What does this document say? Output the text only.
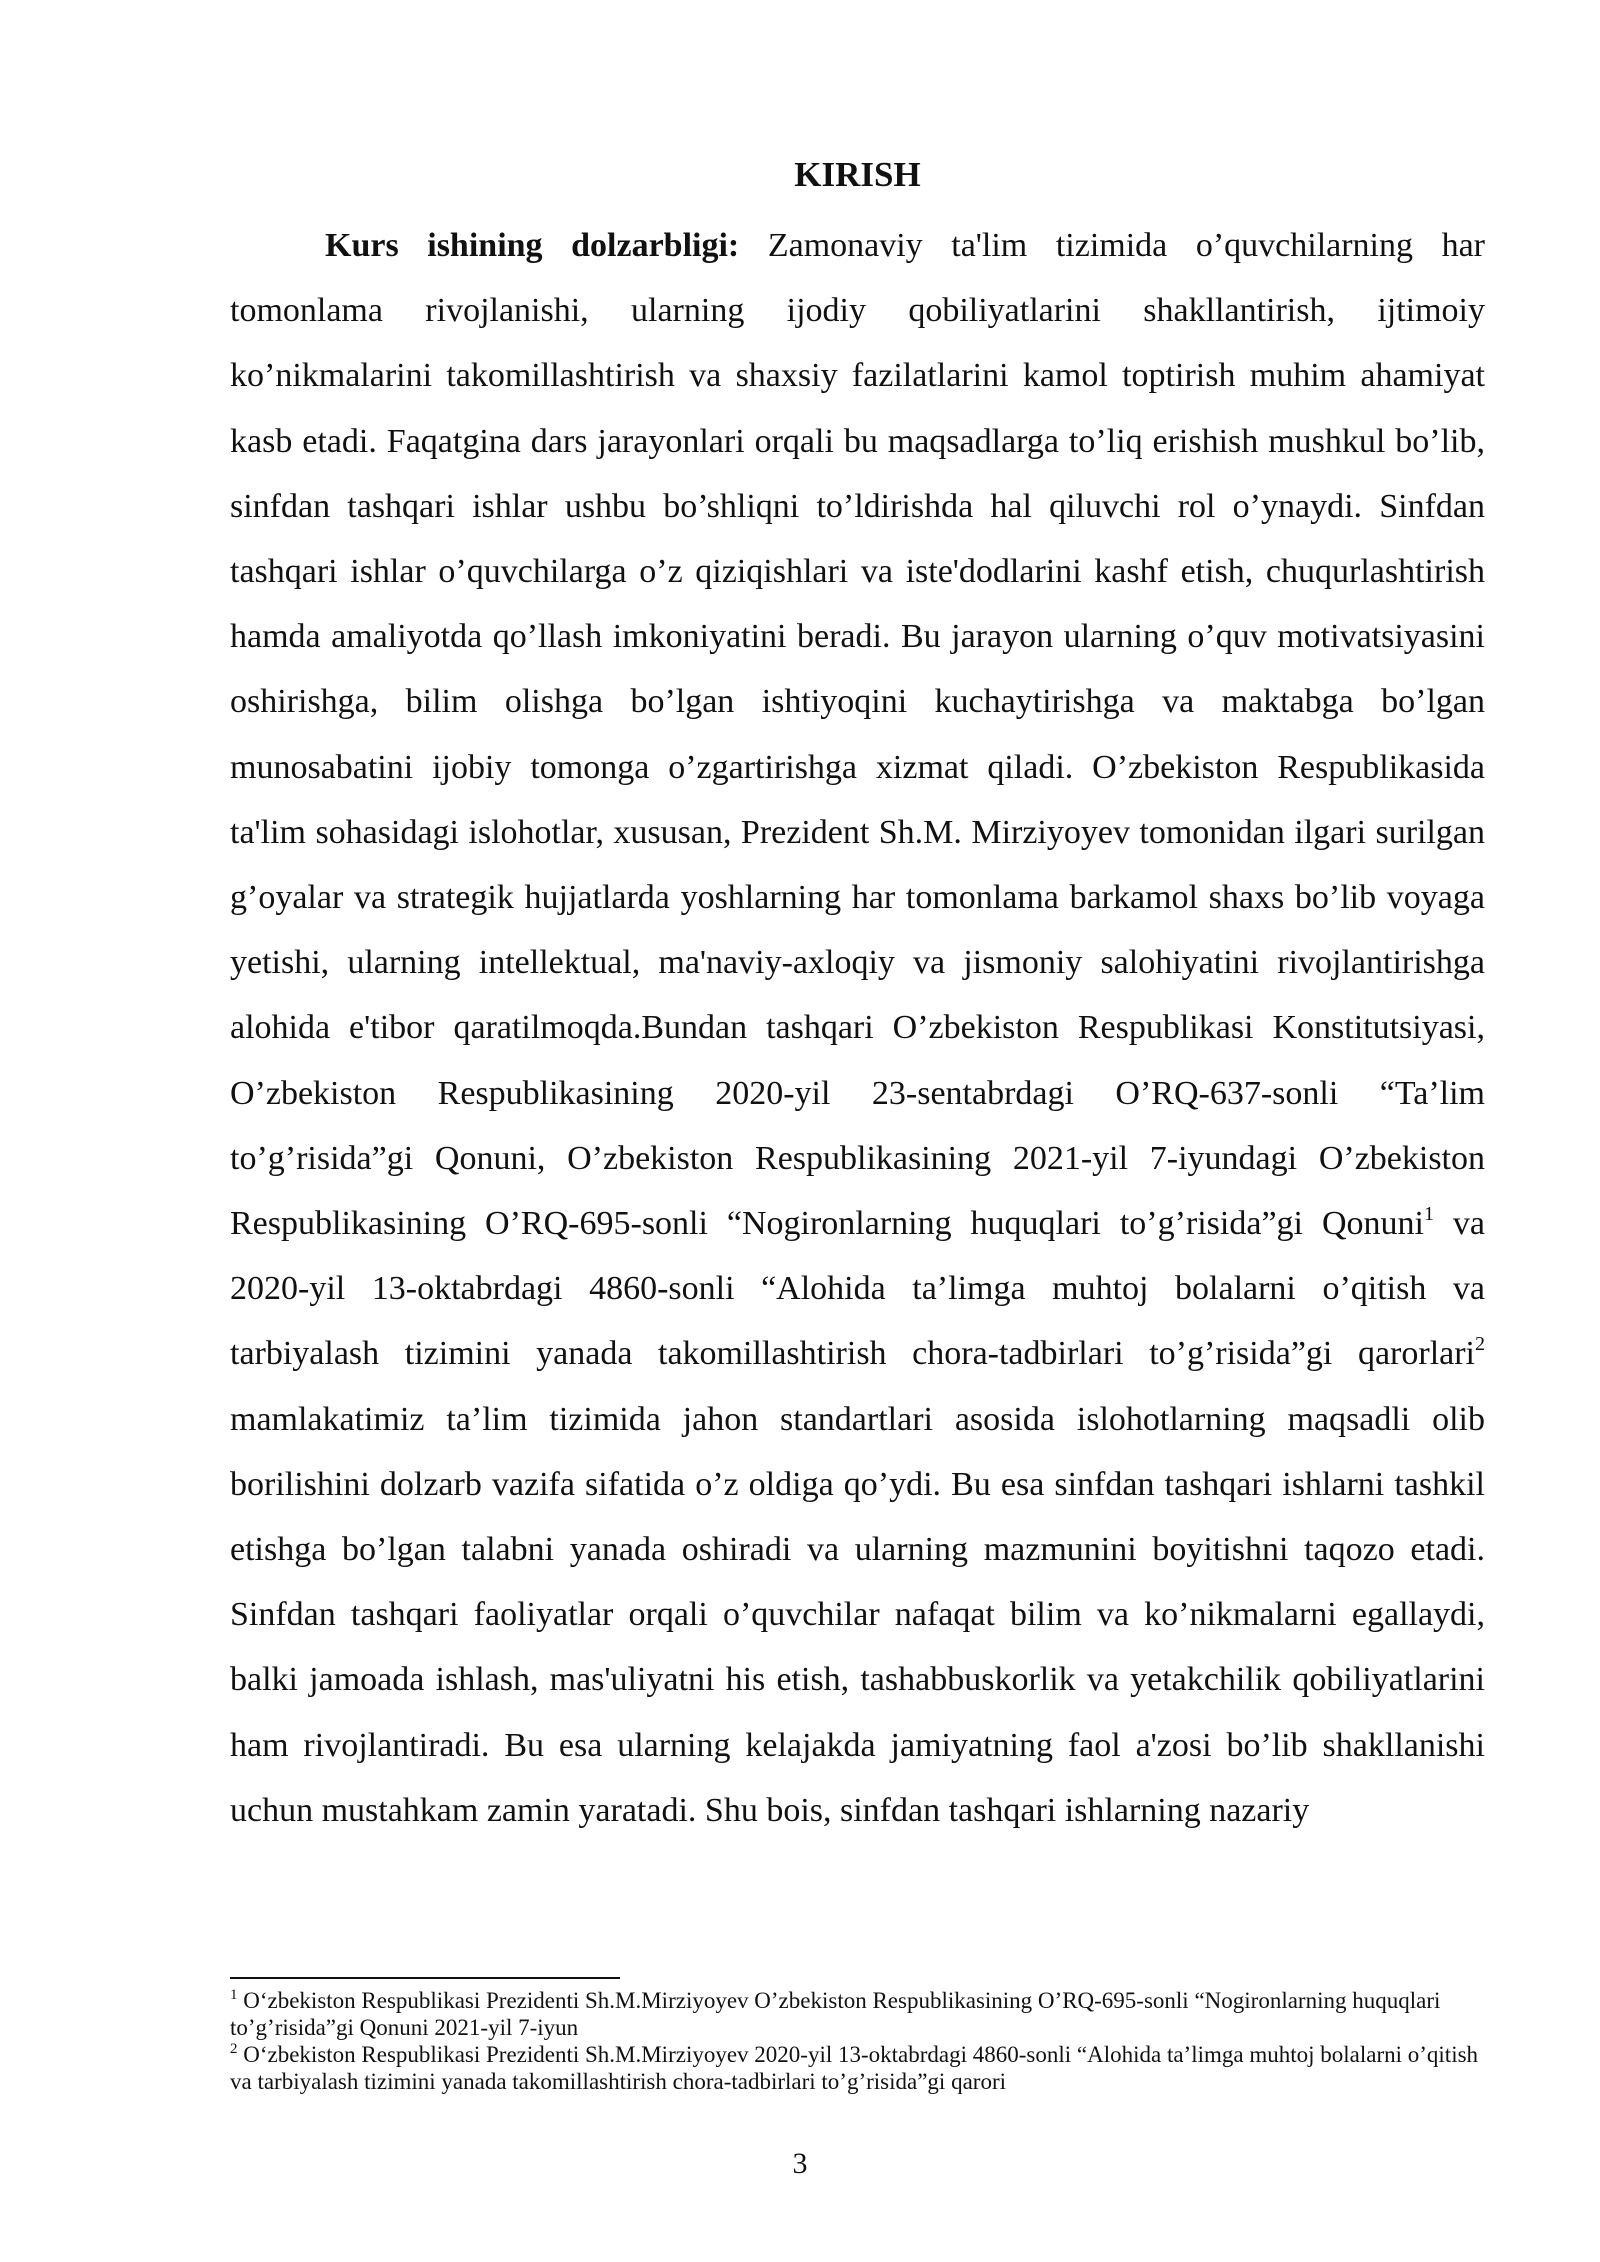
KIRISH

Kurs ishining dolzarbligi: Zamonaviy ta'lim tizimida o’quvchilarning har tomonlama rivojlanishi, ularning ijodiy qobiliyatlarini shakllantirish, ijtimoiy ko’nikmalarini takomillashtirish va shaxsiy fazilatlarini kamol toptirish muhim ahamiyat kasb etadi. Faqatgina dars jarayonlari orqali bu maqsadlarga to’liq erishish mushkul bo’lib, sinfdan tashqari ishlar ushbu bo’shliqni to’ldirishda hal qiluvchi rol o’ynaydi. Sinfdan tashqari ishlar o’quvchilarga o’z qiziqishlari va iste'dodlarini kashf etish, chuqurlashtirish hamda amaliyotda qo’llash imkoniyatini beradi. Bu jarayon ularning o’quv motivatsiyasini oshirishga, bilim olishga bo’lgan ishtiyoqini kuchaytirishga va maktabga bo’lgan munosabatini ijobiy tomonga o’zgartirishga xizmat qiladi. O’zbekiston Respublikasida ta'lim sohasidagi islohotlar, xususan, Prezident Sh.M. Mirziyoyev tomonidan ilgari surilgan g’oyalar va strategik hujjatlarda yoshlarning har tomonlama barkamol shaxs bo’lib voyaga yetishi, ularning intellektual, ma'naviy-axloqiy va jismoniy salohiyatini rivojlantirishga alohida e'tibor qaratilmoqda.Bundan tashqari O’zbekiston Respublikasi Konstitutsiyasi, O’zbekiston Respublikasining 2020-yil 23-sentabrdagi O’RQ-637-sonli “Ta’lim to’g’risida”gi Qonuni, O’zbekiston Respublikasining 2021-yil 7-iyundagi O’zbekiston Respublikasining O’RQ-695-sonli “Nogironlarning huquqlari to’g’risida”gi Qonuni$^1$ va 2020-yil 13-oktabrdagi 4860-sonli “Alohida ta’limga muhtoj bolalarni o’qitish va tarbiyalash tizimini yanada takomillashtirish chora-tadbirlari to’g’risida”gi qarorlari$^2$ mamlakatimiz ta’lim tizimida jahon standartlari asosida islohotlarning maqsadli olib borilishini dolzarb vazifa sifatida o’z oldiga qo’ydi. Bu esa sinfdan tashqari ishlarni tashkil etishga bo’lgan talabni yanada oshiradi va ularning mazmunini boyitishni taqozo etadi. Sinfdan tashqari faoliyatlar orqali o’quvchilar nafaqat bilim va ko’nikmalarni egallaydi, balki jamoada ishlash, mas'uliyatni his etish, tashabbuskorlik va yetakchilik qobiliyatlarini ham rivojlantiradi. Bu esa ularning kelajakda jamiyatning faol a'zosi bo’lib shakllanishi uchun mustahkam zamin yaratadi. Shu bois, sinfdan tashqari ishlarning nazariy

$^1$ O‘zbekiston Respublikasi Prezidenti Sh.M.Mirziyoyev O’zbekiston Respublikasining O’RQ-695-sonli “Nogironlarning huquqlari to’g’risida”gi Qonuni 2021-yil 7-iyun

$^2$ O‘zbekiston Respublikasi Prezidenti Sh.M.Mirziyoyev 2020-yil 13-oktabrdagi 4860-sonli “Alohida ta’limga muhtoj bolalarni o’qitish va tarbiyalash tizimini yanada takomillashtirish chora-tadbirlari to’g’risida”gi qarori

3
